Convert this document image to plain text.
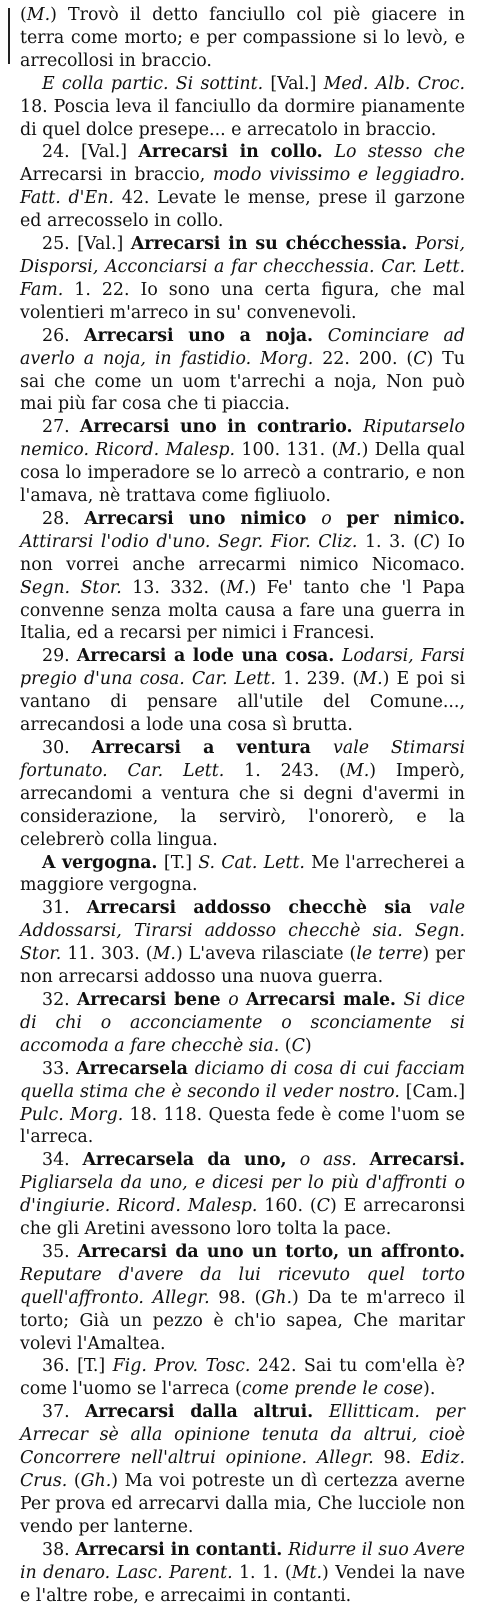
(M.) Trovò il detto fanciullo col piè giacere in terra come morto; e per compassione si lo levò, e arrecollosi in braccio.

E colla partic. Si sottint. [Val.] Med. Alb. Croc. 18. Poscia leva il fanciullo da dormire pianamente di quel dolce presepe... e arrecatolo in braccio.

24. [Val.] Arrecarsi in collo. Lo stesso che Arrecarsi in braccio, modo vivissimo e leggiadro. Fatt. d'En. 42. Levate le mense, prese il garzone ed arrecosselo in collo.

25. [Val.] Arrecarsi in su chécchessia. Porsi, Disporsi, Acconciarsi a far checchessia. Car. Lett. Fam. 1. 22. Io sono una certa figura, che mal volentieri m'arreco in su' convenevoli.

26. Arrecarsi uno a noja. Cominciare ad averlo a noja, in fastidio. Morg. 22. 200. (C) Tu sai che come un uom t'arrechi a noja, Non può mai più far cosa che ti piaccia.

27. Arrecarsi uno in contrario. Riputarselo nemico. Ricord. Malesp. 100. 131. (M.) Della qual cosa lo imperadore se lo arrecò a contrario, e non l'amava, nè trattava come figliuolo.

28. Arrecarsi uno nimico o per nimico. Attirarsi l'odio d'uno. Segr. Fior. Cliz. 1. 3. (C) Io non vorrei anche arrecarmi nimico Nicomaco. Segn. Stor. 13. 332. (M.) Fe' tanto che 'l Papa convenne senza molta causa a fare una guerra in Italia, ed a recarsi per nimici i Francesi.

29. Arrecarsi a lode una cosa. Lodarsi, Farsi pregio d'una cosa. Car. Lett. 1. 239. (M.) E poi si vantano di pensare all'utile del Comune..., arrecandosi a lode una cosa sì brutta.

30. Arrecarsi a ventura vale Stimarsi fortunato. Car. Lett. 1. 243. (M.) Imperò, arrecandomi a ventura che si degni d'avermi in considerazione, la servirò, l'onorerò, e la celebrerò colla lingua.

A vergogna. [T.] S. Cat. Lett. Me l'arrecherei a maggiore vergogna.

31. Arrecarsi addosso checchè sia vale Addossarsi, Tirarsi addosso checchè sia. Segn. Stor. 11. 303. (M.) L'aveva rilasciate (le terre) per non arrecarsi addosso una nuova guerra.

32. Arrecarsi bene o Arrecarsi male. Si dice di chi o acconciamente o sconciamente si accomoda a fare checchè sia. (C)

33. Arrecarsela diciamo di cosa di cui facciam quella stima che è secondo il veder nostro. [Cam.] Pulc. Morg. 18. 118. Questa fede è come l'uom se l'arreca.

34. Arrecarsela da uno, o ass. Arrecarsi. Pigliarsela da uno, e dicesi per lo più d'affronti o d'ingiurie. Ricord. Malesp. 160. (C) E arrecaronsi che gli Aretini avessono loro tolta la pace.

35. Arrecarsi da uno un torto, un affronto. Reputare d'avere da lui ricevuto quel torto quell'affronto. Allegr. 98. (Gh.) Da te m'arreco il torto; Già un pezzo è ch'io sapea, Che maritar volevi l'Amaltea.

36. [T.] Fig. Prov. Tosc. 242. Sai tu com'ella è? come l'uomo se l'arreca (come prende le cose).

37. Arrecarsi dalla altrui. Ellitticam. per Arrecar sè alla opinione tenuta da altrui, cioè Concorrere nell'altrui opinione. Allegr. 98. Ediz. Crus. (Gh.) Ma voi potreste un dì certezza averne Per prova ed arrecarvi dalla mia, Che lucciole non vendo per lanterne.

38. Arrecarsi in contanti. Ridurre il suo Avere in denaro. Lasc. Parent. 1. 1. (Mt.) Vendei la nave e l'altre robe, e arrecaimi in contanti.
